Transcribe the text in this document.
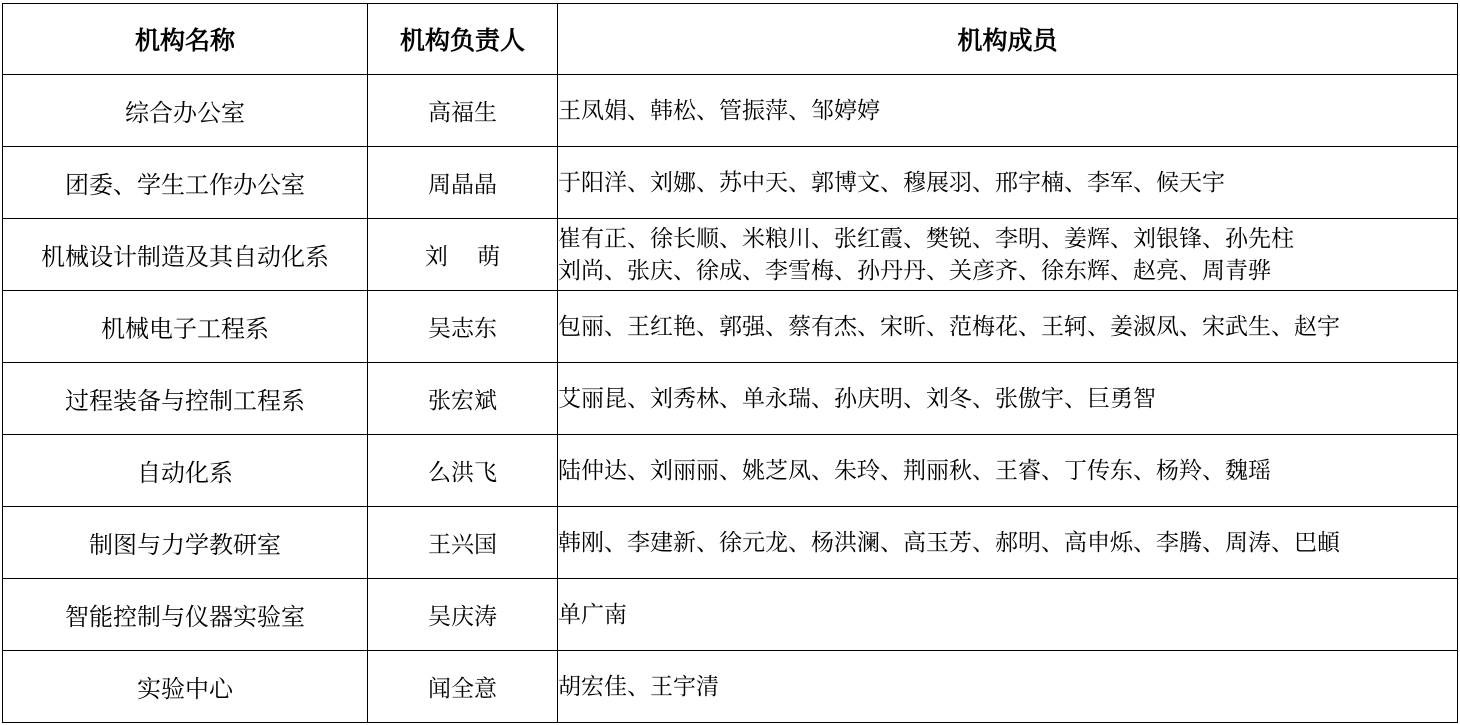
机构名称	机构负责人	机构成员
综合办公室	高福生	王凤娟、韩松、管振萍、邹婷婷

团委、学生工作办公室	周晶晶	于阳洋、刘娜、苏中天、郭博文、穆展羽、邢宇楠、李军、候天宇

机械设计制造及其自动化系	刘    萌	崔有正、徐长顺、米粮川、张红霞、樊锐、李明、姜辉、刘银锋、孙先柱
刘尚、张庆、徐成、李雪梅、孙丹丹、关彦齐、徐东辉、赵亮、周青骅

机械电子工程系	吴志东	包丽、王红艳、郭强、蔡有杰、宋昕、范梅花、王轲、姜淑凤、宋武生、赵宇

过程装备与控制工程系	张宏斌	艾丽昆、刘秀林、单永瑞、孙庆明、刘冬、张傲宇、巨勇智

自动化系	么洪飞	陆仲达、刘丽丽、姚芝凤、朱玲、荆丽秋、王睿、丁传东、杨羚、魏瑶

制图与力学教研室	王兴国	韩刚、李建新、徐元龙、杨洪澜、高玉芳、郝明、高申烁、李腾、周涛、巴頔

智能控制与仪器实验室	吴庆涛	单广南

实验中心	闻全意	胡宏佳、王宇清
